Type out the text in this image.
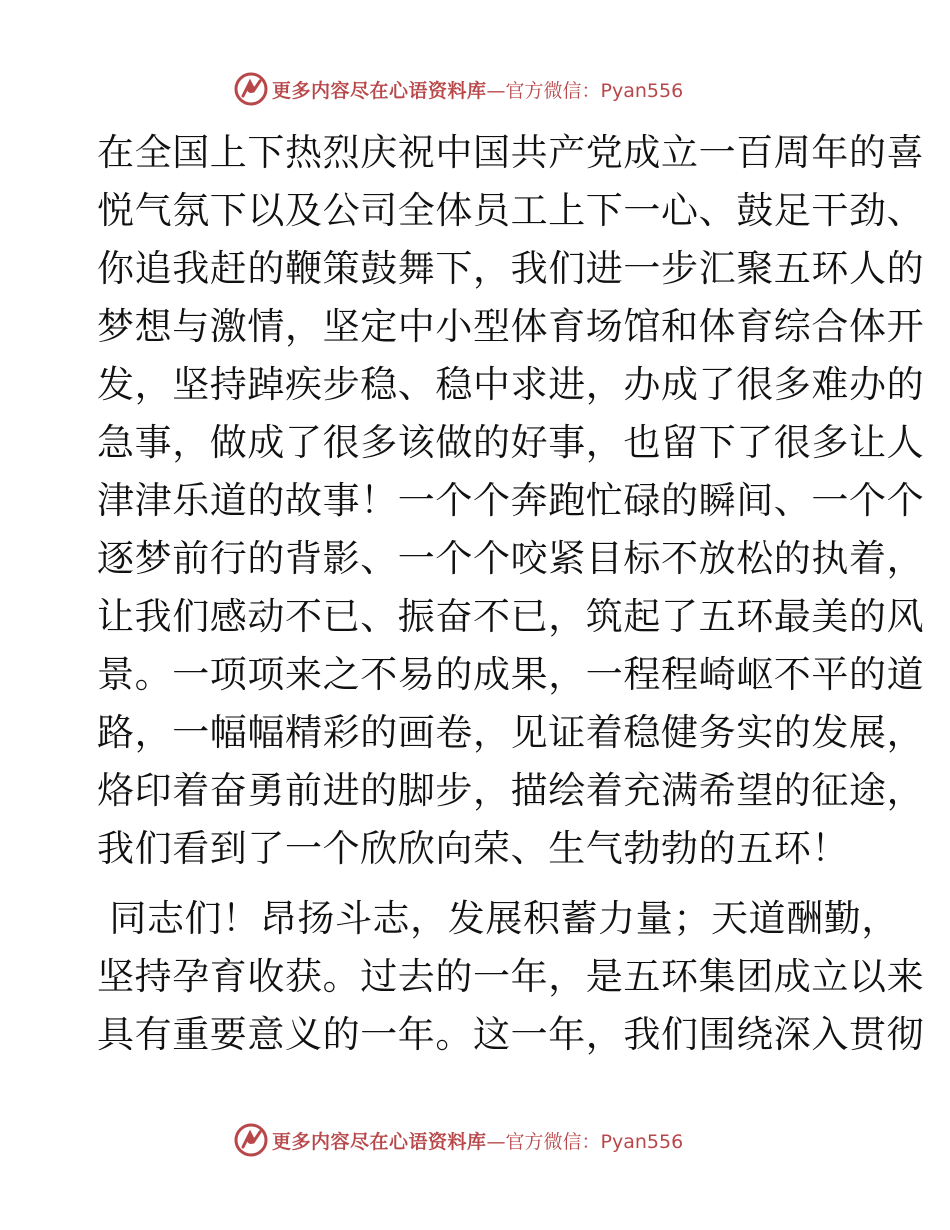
更多内容尽在心语资料库 —官方微信：Pyan556
在全国上下热烈庆祝中国共产党成立一百周年的喜
悦气氛下以及公司全体员工上下一心、鼓足干劲、
你追我赶的鞭策鼓舞下，我们进一步汇聚五环人的
梦想与激情，坚定中小型体育场馆和体育综合体开
发，坚持踔疾步稳、稳中求进，办成了很多难办的
急事，做成了很多该做的好事，也留下了很多让人
津津乐道的故事！一个个奔跑忙碌的瞬间、一个个
逐梦前行的背影、一个个咬紧目标不放松的执着，
让我们感动不已、振奋不已，筑起了五环最美的风
景。一项项来之不易的成果，一程程崎岖不平的道
路，一幅幅精彩的画卷，见证着稳健务实的发展，
烙印着奋勇前进的脚步，描绘着充满希望的征途，
我们看到了一个欣欣向荣、生气勃勃的五环！
同志们！昂扬斗志，发展积蓄力量；天道酬勤，
坚持孕育收获。过去的一年，是五环集团成立以来
具有重要意义的一年。这一年，我们围绕深入贯彻
更多内容尽在心语资料库 —官方微信：Pyan556
